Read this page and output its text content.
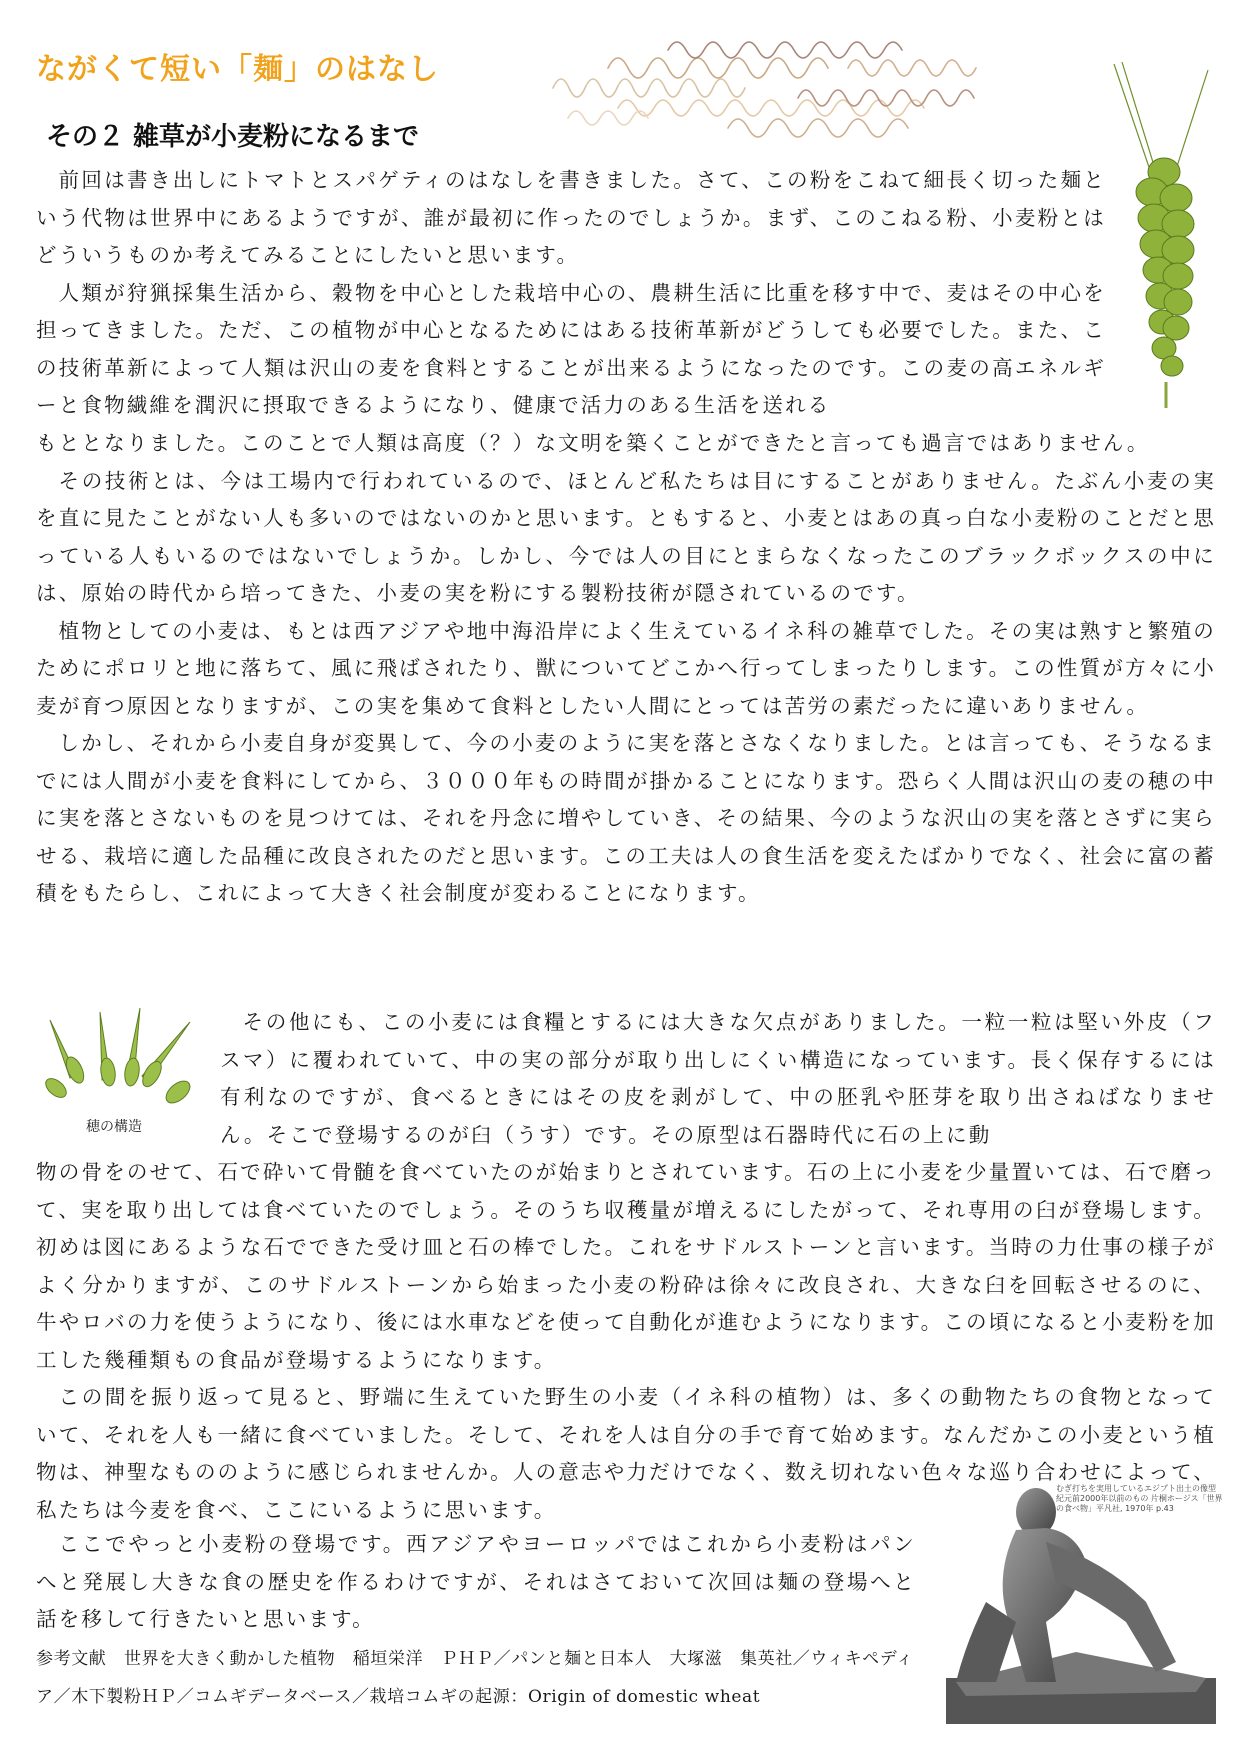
ながくて短い「麺」のはなし
その２ 雑草が小麦粉になるまで

前回は書き出しにトマトとスパゲティのはなしを書きました。さて、この粉をこねて細長く切った麺という代物は世界中にあるようですが、誰が最初に作ったのでしょうか。まず、このこねる粉、小麦粉とはどういうものか考えてみることにしたいと思います。

人類が狩猟採集生活から、穀物を中心とした栽培中心の、農耕生活に比重を移す中で、麦はその中心を担ってきました。ただ、この植物が中心となるためにはある技術革新がどうしても必要でした。また、この技術革新によって人類は沢山の麦を食料とすることが出来るようになったのです。この麦の高エネルギーと食物繊維を潤沢に摂取できるようになり、健康で活力のある生活を送れる

もととなりました。このことで人類は高度（？）な文明を築くことができたと言っても過言ではありません。

その技術とは、今は工場内で行われているので、ほとんど私たちは目にすることがありません。たぶん小麦の実を直に見たことがない人も多いのではないのかと思います。ともすると、小麦とはあの真っ白な小麦粉のことだと思っている人もいるのではないでしょうか。しかし、今では人の目にとまらなくなったこのブラックボックスの中には、原始の時代から培ってきた、小麦の実を粉にする製粉技術が隠されているのです。

植物としての小麦は、もとは西アジアや地中海沿岸によく生えているイネ科の雑草でした。その実は熟すと繁殖のためにポロリと地に落ちて、風に飛ばされたり、獣についてどこかへ行ってしまったりします。この性質が方々に小麦が育つ原因となりますが、この実を集めて食料としたい人間にとっては苦労の素だったに違いありません。

しかし、それから小麦自身が変異して、今の小麦のように実を落とさなくなりました。とは言っても、そうなるまでには人間が小麦を食料にしてから、３０００年もの時間が掛かることになります。恐らく人間は沢山の麦の穂の中に実を落とさないものを見つけては、それを丹念に増やしていき、その結果、今のような沢山の実を落とさずに実らせる、栽培に適した品種に改良されたのだと思います。この工夫は人の食生活を変えたばかりでなく、社会に富の蓄積をもたらし、これによって大きく社会制度が変わることになります。

その他にも、この小麦には食糧とするには大きな欠点がありました。一粒一粒は堅い外皮（フスマ）に覆われていて、中の実の部分が取り出しにくい構造になっています。長く保存するには有利なのですが、食べるときにはその皮を剥がして、中の胚乳や胚芽を取り出さねばなりません。そこで登場するのが臼（うす）です。その原型は石器時代に石の上に動

物の骨をのせて、石で砕いて骨髄を食べていたのが始まりとされています。石の上に小麦を少量置いては、石で磨って、実を取り出しては食べていたのでしょう。そのうち収穫量が増えるにしたがって、それ専用の臼が登場します。初めは図にあるような石でできた受け皿と石の棒でした。これをサドルストーンと言います。当時の力仕事の様子がよく分かりますが、このサドルストーンから始まった小麦の粉砕は徐々に改良され、大きな臼を回転させるのに、牛やロバの力を使うようになり、後には水車などを使って自動化が進むようになります。この頃になると小麦粉を加工した幾種類もの食品が登場するようになります。

この間を振り返って見ると、野端に生えていた野生の小麦（イネ科の植物）は、多くの動物たちの食物となっていて、それを人も一緒に食べていました。そして、それを人は自分の手で育て始めます。なんだかこの小麦という植物は、神聖なもののように感じられませんか。人の意志や力だけでなく、数え切れない色々な巡り合わせによって、私たちは今麦を食べ、ここにいるように思います。

ここでやっと小麦粉の登場です。西アジアやヨーロッパではこれから小麦粉はパンへと発展し大きな食の歴史を作るわけですが、それはさておいて次回は麺の登場へと話を移して行きたいと思います。

穂の構造

参考文献　世界を大きく動かした植物　稲垣栄洋　ＰＨＰ／パンと麺と日本人　大塚滋　集英社／ウィキペディア／木下製粉ＨＰ／コムギデータベース／栽培コムギの起源：Origin of domestic wheat

むぎ打ちを実用しているエジプト出土の像型 紀元前2000年以前のもの 片桐ホージス「世界の食べ物」平凡社, 1970年 p.43
